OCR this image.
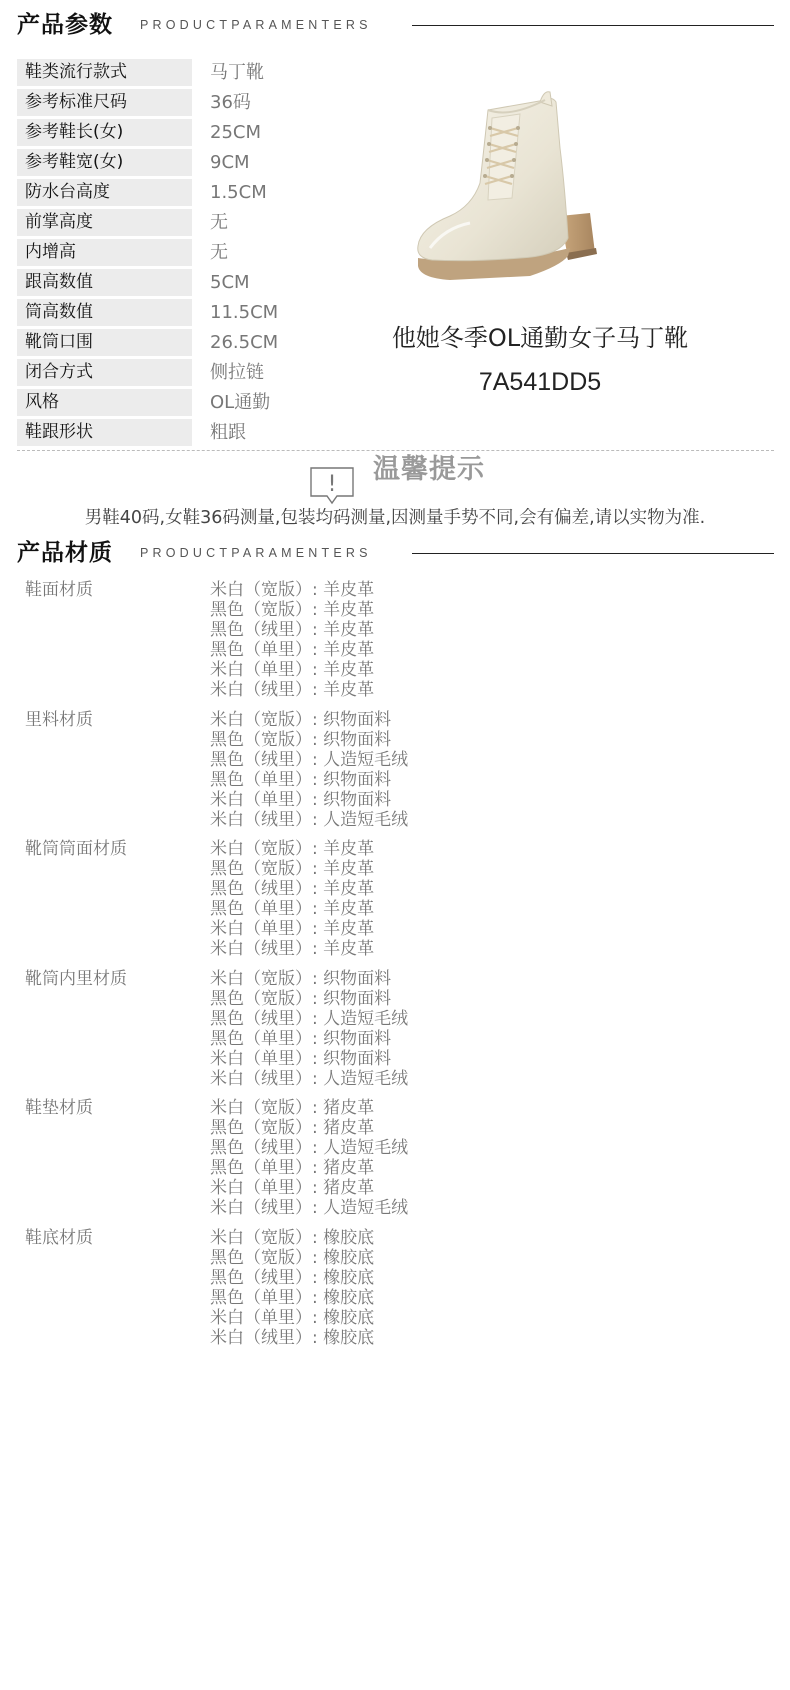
产品参数 PRODUCTPARAMENTERS
鞋类流行款式	马丁靴
参考标准尺码	36码
参考鞋长(女)	25CM
参考鞋宽(女)	9CM
防水台高度	1.5CM
前掌高度	无
内增高	无
跟高数值	5CM
筒高数值	11.5CM
靴筒口围	26.5CM
闭合方式	侧拉链
风格	OL通勤
鞋跟形状	粗跟
他她冬季OL通勤女子马丁靴
7A541DD5
! 温馨提示
男鞋40码,女鞋36码测量,包装均码测量,因测量手势不同,会有偏差,请以实物为准.
产品材质 PRODUCTPARAMENTERS
鞋面材质	米白（宽版）: 羊皮革
黑色（宽版）: 羊皮革
黑色（绒里）: 羊皮革
黑色（单里）: 羊皮革
米白（单里）: 羊皮革
米白（绒里）: 羊皮革
里料材质	米白（宽版）: 织物面料
黑色（宽版）: 织物面料
黑色（绒里）: 人造短毛绒
黑色（单里）: 织物面料
米白（单里）: 织物面料
米白（绒里）: 人造短毛绒
靴筒筒面材质	米白（宽版）: 羊皮革
黑色（宽版）: 羊皮革
黑色（绒里）: 羊皮革
黑色（单里）: 羊皮革
米白（单里）: 羊皮革
米白（绒里）: 羊皮革
靴筒内里材质	米白（宽版）: 织物面料
黑色（宽版）: 织物面料
黑色（绒里）: 人造短毛绒
黑色（单里）: 织物面料
米白（单里）: 织物面料
米白（绒里）: 人造短毛绒
鞋垫材质	米白（宽版）: 猪皮革
黑色（宽版）: 猪皮革
黑色（绒里）: 人造短毛绒
黑色（单里）: 猪皮革
米白（单里）: 猪皮革
米白（绒里）: 人造短毛绒
鞋底材质	米白（宽版）: 橡胶底
黑色（宽版）: 橡胶底
黑色（绒里）: 橡胶底
黑色（单里）: 橡胶底
米白（单里）: 橡胶底
米白（绒里）: 橡胶底
